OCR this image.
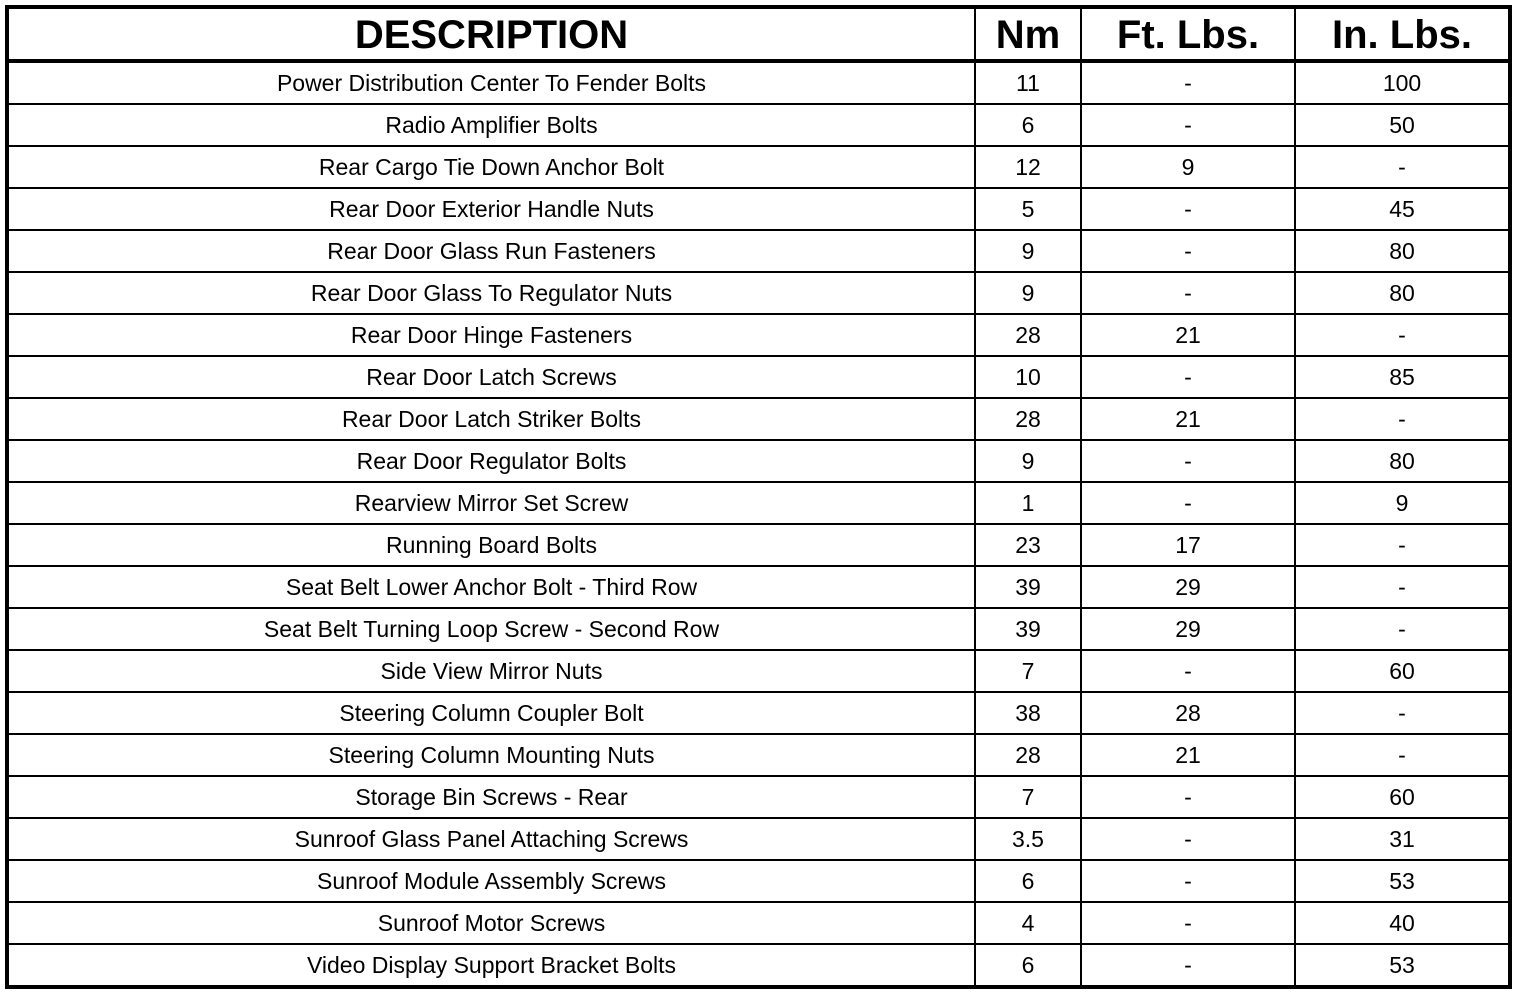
DESCRIPTION	Nm	Ft. Lbs.	In. Lbs.
Power Distribution Center To Fender Bolts	11	-	100
Radio Amplifier Bolts	6	-	50
Rear Cargo Tie Down Anchor Bolt	12	9	-
Rear Door Exterior Handle Nuts	5	-	45
Rear Door Glass Run Fasteners	9	-	80
Rear Door Glass To Regulator Nuts	9	-	80
Rear Door Hinge Fasteners	28	21	-
Rear Door Latch Screws	10	-	85
Rear Door Latch Striker Bolts	28	21	-
Rear Door Regulator Bolts	9	-	80
Rearview Mirror Set Screw	1	-	9
Running Board Bolts	23	17	-
Seat Belt Lower Anchor Bolt - Third Row	39	29	-
Seat Belt Turning Loop Screw - Second Row	39	29	-
Side View Mirror Nuts	7	-	60
Steering Column Coupler Bolt	38	28	-
Steering Column Mounting Nuts	28	21	-
Storage Bin Screws - Rear	7	-	60
Sunroof Glass Panel Attaching Screws	3.5	-	31
Sunroof Module Assembly Screws	6	-	53
Sunroof Motor Screws	4	-	40
Video Display Support Bracket Bolts	6	-	53
